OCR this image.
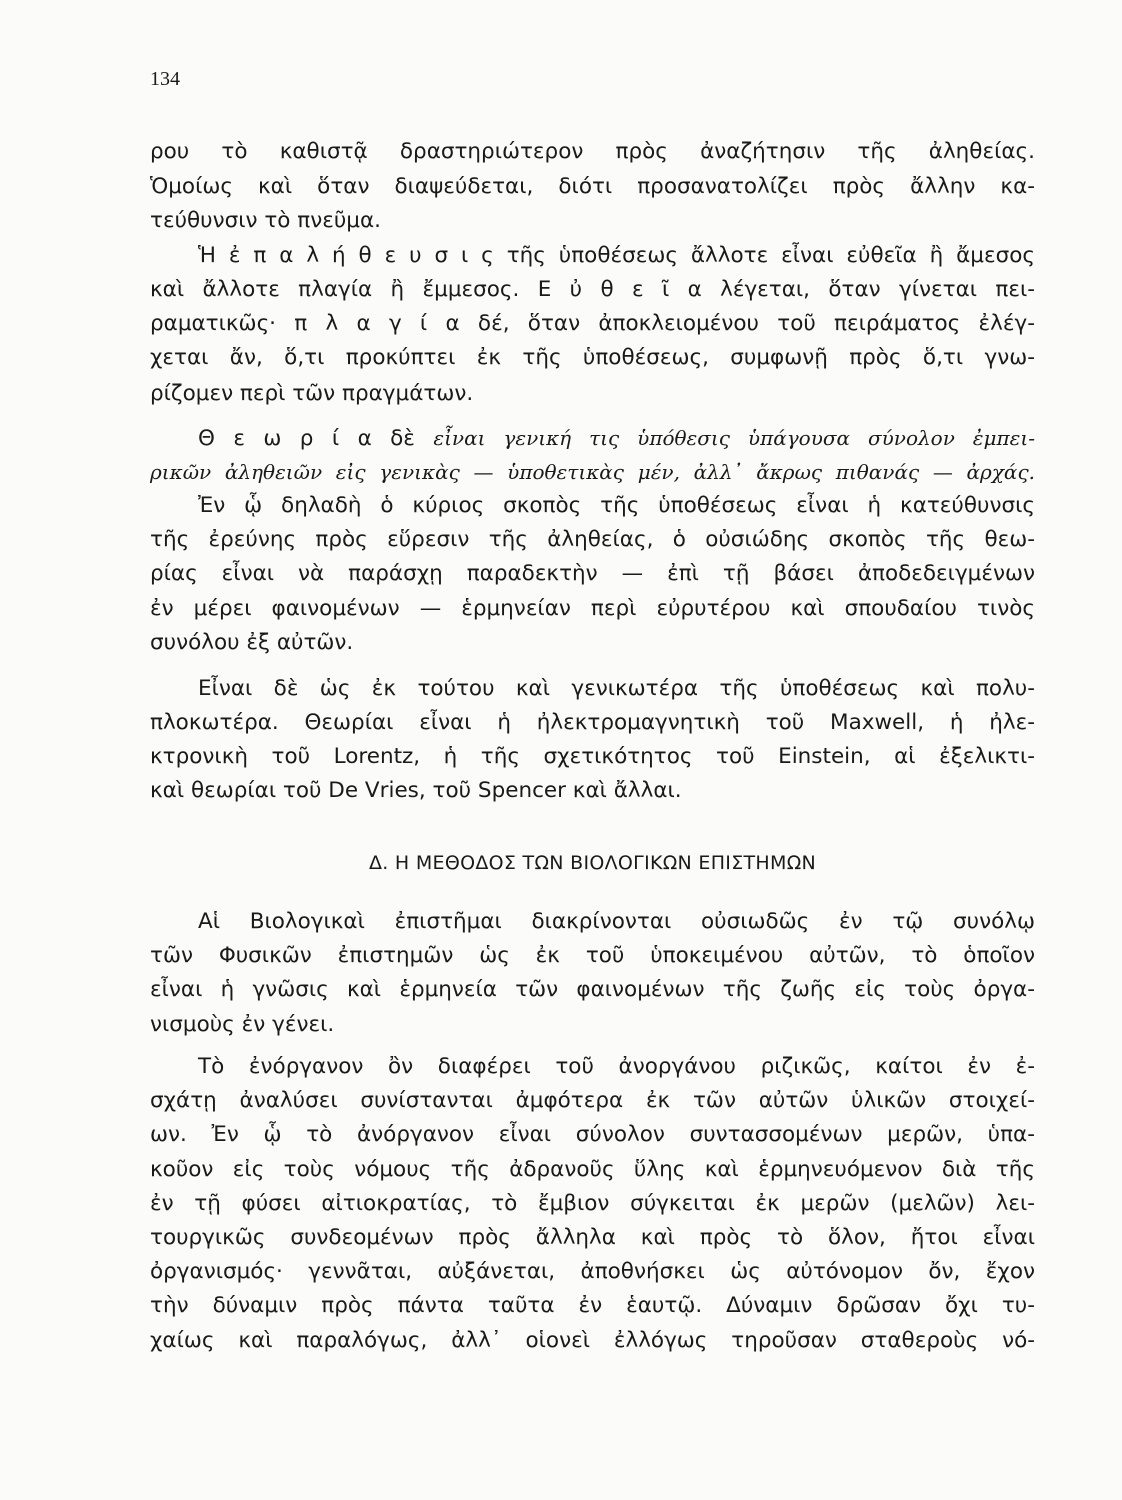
134
Δ. Η ΜΕΘΟΔΟΣ ΤΩΝ ΒΙΟΛΟΓΙΚΩΝ ΕΠΙΣΤΗΜΩΝ
ρου τὸ καθιστᾷ δραστηριώτερον πρὸς ἀναζήτησιν τῆς ἀληθείας.
Ὁμοίως καὶ ὅταν διαψεύδεται, διότι προσανατολίζει πρὸς ἄλλην κα-
τεύθυνσιν τὸ πνεῦμα.
Ἡ ἐ π α λ ή θ ε υ σ ι ς τῆς ὑποθέσεως ἄλλοτε εἶναι εὐθεῖα ἢ ἄμεσος
καὶ ἄλλοτε πλαγία ἢ ἔμμεσος. Ε ὐ θ ε ῖ α λέγεται, ὅταν γίνεται πει-
ραματικῶς· π λ α γ ί α δέ, ὅταν ἀποκλειομένου τοῦ πειράματος ἐλέγ-
χεται ἄν, ὅ,τι προκύπτει ἐκ τῆς ὑποθέσεως, συμφωνῇ πρὸς ὅ,τι γνω-
ρίζομεν περὶ τῶν πραγμάτων.
Θ ε ω ρ ί α δὲ εἶναι γενική τις ὑπόθεσις ὑπάγουσα σύνολον ἐμπει-
ρικῶν ἀληθειῶν εἰς γενικὰς — ὑποθετικὰς μέν, ἀλλ᾽ ἄκρως πιθανάς — ἀρχάς.
Ἐν ᾧ δηλαδὴ ὁ κύριος σκοπὸς τῆς ὑποθέσεως εἶναι ἡ κατεύθυνσις
τῆς ἐρεύνης πρὸς εὕρεσιν τῆς ἀληθείας, ὁ οὐσιώδης σκοπὸς τῆς θεω-
ρίας εἶναι νὰ παράσχῃ παραδεκτὴν — ἐπὶ τῇ βάσει ἀποδεδειγμένων
ἐν μέρει φαινομένων — ἑρμηνείαν περὶ εὐρυτέρου καὶ σπουδαίου τινὸς
συνόλου ἐξ αὐτῶν.
Εἶναι δὲ ὡς ἐκ τούτου καὶ γενικωτέρα τῆς ὑποθέσεως καὶ πολυ-
πλοκωτέρα. Θεωρίαι εἶναι ἡ ἠλεκτρομαγνητικὴ τοῦ Maxwell, ἡ ἠλε-
κτρονικὴ τοῦ Lorentz, ἡ τῆς σχετικότητος τοῦ Einstein, αἱ ἐξελικτι-
καὶ θεωρίαι τοῦ De Vries, τοῦ Spencer καὶ ἄλλαι.
Αἱ Βιολογικαὶ ἐπιστῆμαι διακρίνονται οὐσιωδῶς ἐν τῷ συνόλῳ
τῶν Φυσικῶν ἐπιστημῶν ὡς ἐκ τοῦ ὑποκειμένου αὐτῶν, τὸ ὁποῖον
εἶναι ἡ γνῶσις καὶ ἑρμηνεία τῶν φαινομένων τῆς ζωῆς εἰς τοὺς ὀργα-
νισμοὺς ἐν γένει.
Τὸ ἐνόργανον ὂν διαφέρει τοῦ ἀνοργάνου ριζικῶς, καίτοι ἐν ἐ-
σχάτῃ ἀναλύσει συνίστανται ἀμφότερα ἐκ τῶν αὐτῶν ὑλικῶν στοιχεί-
ων. Ἐν ᾧ τὸ ἀνόργανον εἶναι σύνολον συντασσομένων μερῶν, ὑπα-
κοῦον εἰς τοὺς νόμους τῆς ἀδρανοῦς ὕλης καὶ ἑρμηνευόμενον διὰ τῆς
ἐν τῇ φύσει αἰτιοκρατίας, τὸ ἔμβιον σύγκειται ἐκ μερῶν (μελῶν) λει-
τουργικῶς συνδεομένων πρὸς ἄλληλα καὶ πρὸς τὸ ὅλον, ἤτοι εἶναι
ὀργανισμός· γεννᾶται, αὐξάνεται, ἀποθνήσκει ὡς αὐτόνομον ὄν, ἔχον
τὴν δύναμιν πρὸς πάντα ταῦτα ἐν ἑαυτῷ. Δύναμιν δρῶσαν ὄχι τυ-
χαίως καὶ παραλόγως, ἀλλ᾽ οἱονεὶ ἐλλόγως τηροῦσαν σταθεροὺς νό-
